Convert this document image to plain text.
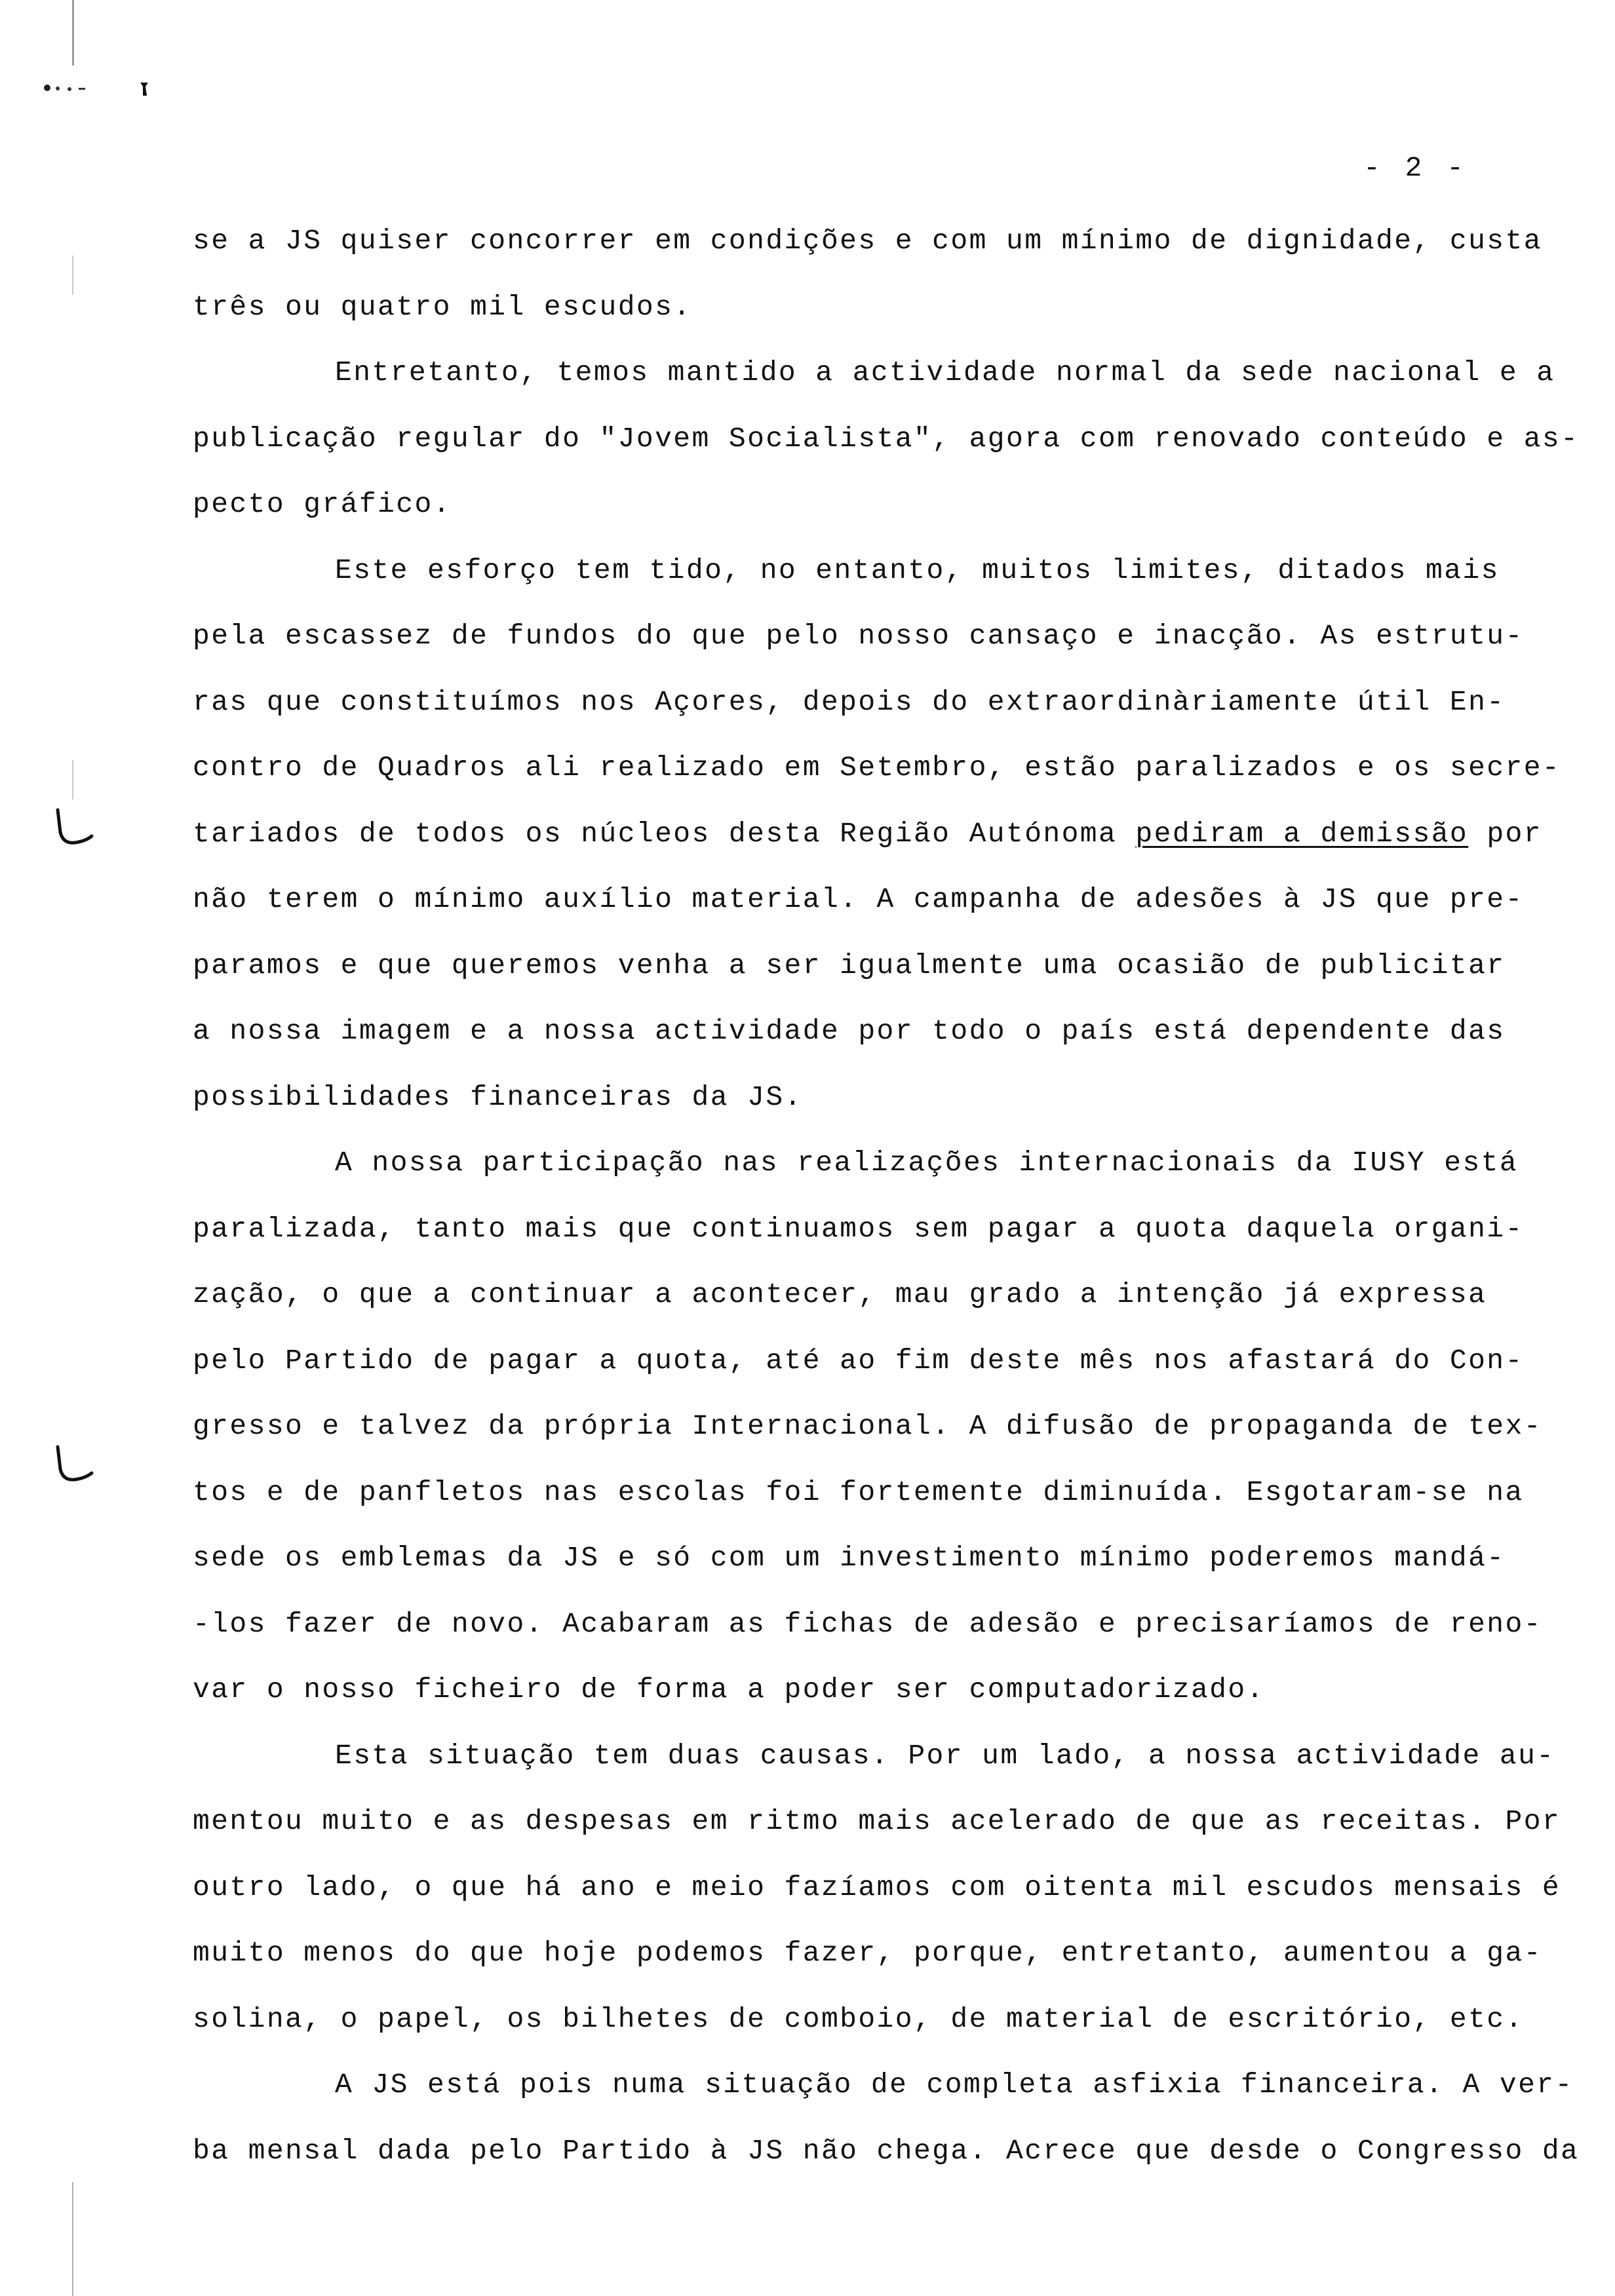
- 2 -
se a JS quiser concorrer em condições e com um mínimo de dignidade, custa
três ou quatro mil escudos.
Entretanto, temos mantido a actividade normal da sede nacional e a
publicação regular do "Jovem Socialista", agora com renovado conteúdo e as-
pecto gráfico.
Este esforço tem tido, no entanto, muitos limites, ditados mais
pela escassez de fundos do que pelo nosso cansaço e inacção. As estrutu-
ras que constituímos nos Açores, depois do extraordinàriamente útil En-
contro de Quadros ali realizado em Setembro, estão paralizados e os secre-
tariados de todos os núcleos desta Região Autónoma pediram a demissão por
não terem o mínimo auxílio material. A campanha de adesões à JS que pre-
paramos e que queremos venha a ser igualmente uma ocasião de publicitar
a nossa imagem e a nossa actividade por todo o país está dependente das
possibilidades financeiras da JS.
A nossa participação nas realizações internacionais da IUSY está
paralizada, tanto mais que continuamos sem pagar a quota daquela organi-
zação, o que a continuar a acontecer, mau grado a intenção já expressa
pelo Partido de pagar a quota, até ao fim deste mês nos afastará do Con-
gresso e talvez da própria Internacional. A difusão de propaganda de tex-
tos e de panfletos nas escolas foi fortemente diminuída. Esgotaram-se na
sede os emblemas da JS e só com um investimento mínimo poderemos mandá-
-los fazer de novo. Acabaram as fichas de adesão e precisaríamos de reno-
var o nosso ficheiro de forma a poder ser computadorizado.
Esta situação tem duas causas. Por um lado, a nossa actividade au-
mentou muito e as despesas em ritmo mais acelerado de que as receitas. Por
outro lado, o que há ano e meio fazíamos com oitenta mil escudos mensais é
muito menos do que hoje podemos fazer, porque, entretanto, aumentou a ga-
solina, o papel, os bilhetes de comboio, de material de escritório, etc.
A JS está pois numa situação de completa asfixia financeira. A ver-
ba mensal dada pelo Partido à JS não chega. Acrece que desde o Congresso da
